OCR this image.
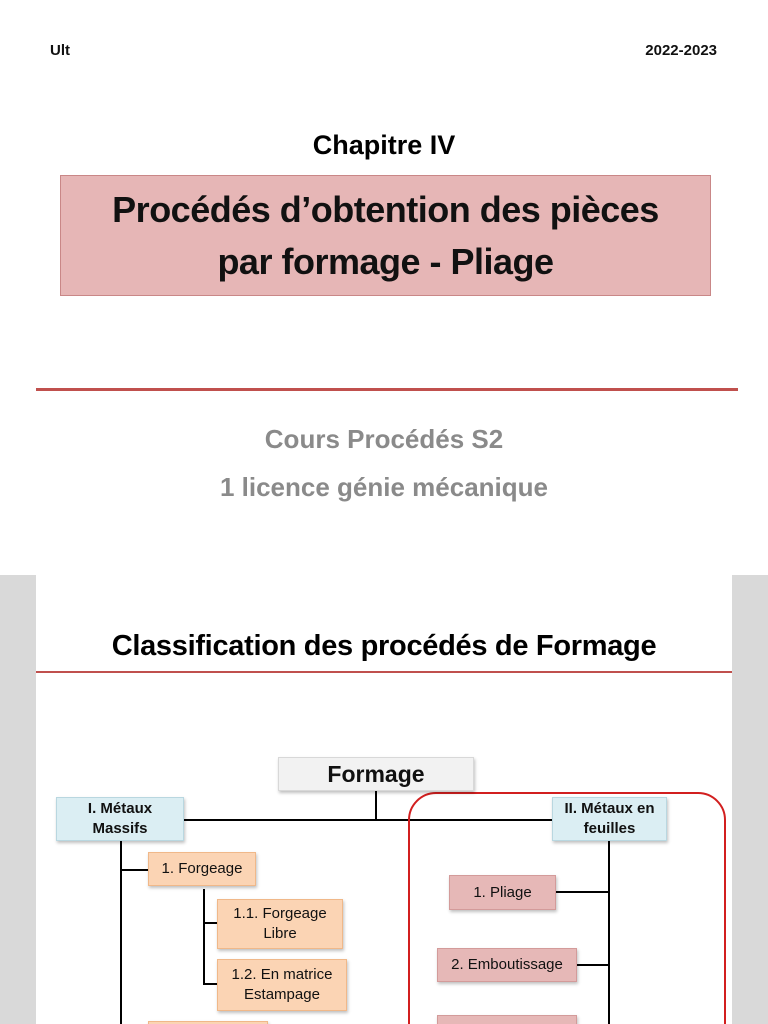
Ult	2022-2023
Chapitre IV
Procédés d’obtention des pièces
par formage - Pliage
Cours Procédés S2
1 licence génie mécanique
Classification des procédés de Formage
Formage
I. Métaux
Massifs
II. Métaux en
feuilles
1. Forgeage
1.1. Forgeage
Libre
1.2. En matrice
Estampage
1. Pliage
2. Emboutissage
